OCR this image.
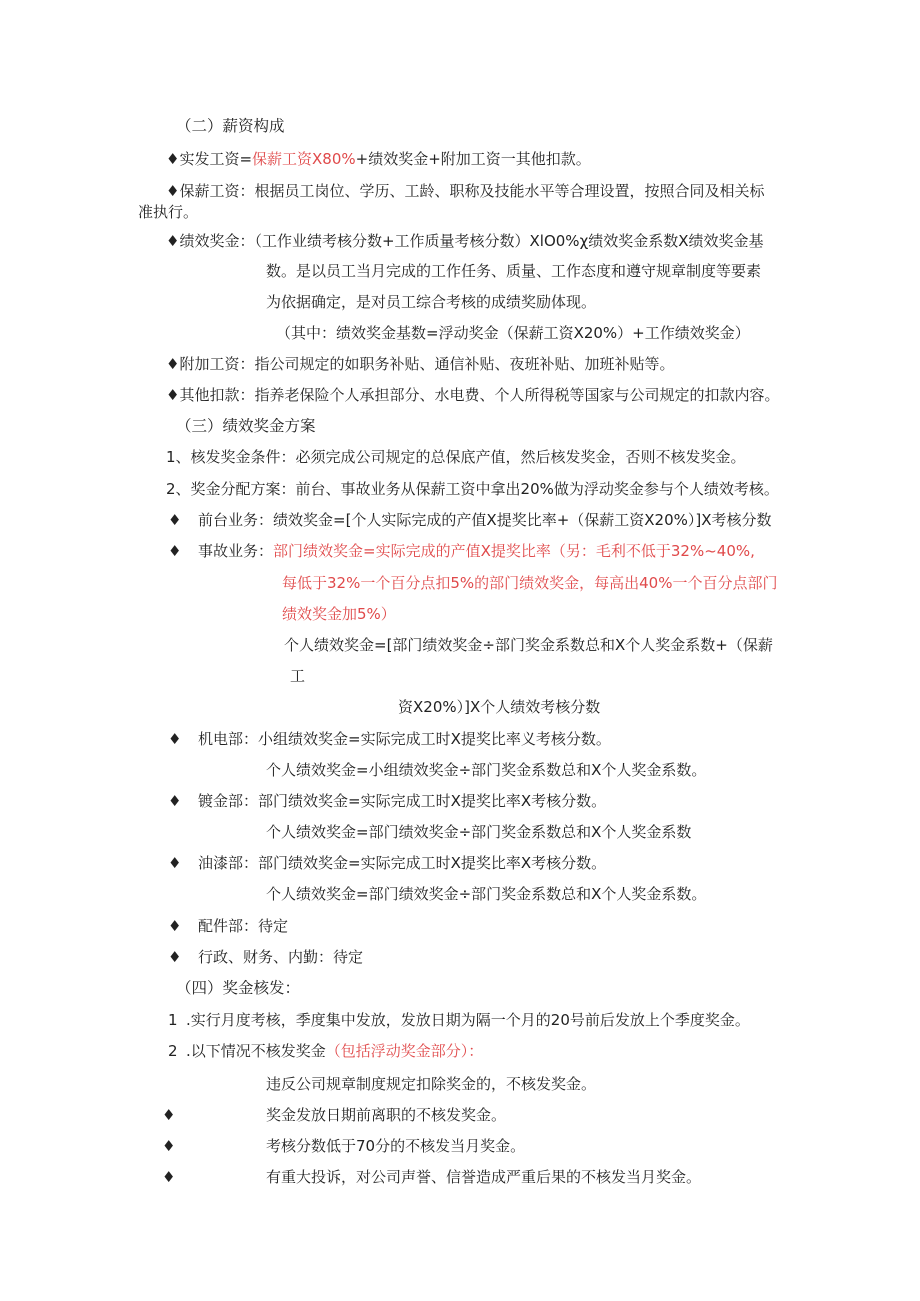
（二）薪资构成
♦实发工资=保薪工资X80%+绩效奖金+附加工资一其他扣款。
♦保薪工资：根据员工岗位、学历、工龄、职称及技能水平等合理设置，按照合同及相关标
准执行。
♦绩效奖金：（工作业绩考核分数+工作质量考核分数）XlO0%χ绩效奖金系数X绩效奖金基
数。是以员工当月完成的工作任务、质量、工作态度和遵守规章制度等要素
为依据确定，是对员工综合考核的成绩奖励体现。
（其中：绩效奖金基数=浮动奖金（保薪工资X20%）+工作绩效奖金）
♦附加工资：指公司规定的如职务补贴、通信补贴、夜班补贴、加班补贴等。
♦其他扣款：指养老保险个人承担部分、水电费、个人所得税等国家与公司规定的扣款内容。
（三）绩效奖金方案
1、核发奖金条件：必须完成公司规定的总保底产值，然后核发奖金，否则不核发奖金。
2、奖金分配方案：前台、事故业务从保薪工资中拿出20%做为浮动奖金参与个人绩效考核。
♦ 前台业务：绩效奖金=[个人实际完成的产值X提奖比率+（保薪工资X20%）]X考核分数
♦ 事故业务：部门绩效奖金=实际完成的产值X提奖比率（另：毛利不低于32%~40%,
每低于32%一个百分点扣5%的部门绩效奖金，每高出40%一个百分点部门
绩效奖金加5%）
个人绩效奖金=[部门绩效奖金÷部门奖金系数总和X个人奖金系数+（保薪
工
资X20%）]X个人绩效考核分数
♦ 机电部：小组绩效奖金=实际完成工时X提奖比率义考核分数。
个人绩效奖金=小组绩效奖金÷部门奖金系数总和X个人奖金系数。
♦ 镀金部：部门绩效奖金=实际完成工时X提奖比率X考核分数。
个人绩效奖金=部门绩效奖金÷部门奖金系数总和X个人奖金系数
♦ 油漆部：部门绩效奖金=实际完成工时X提奖比率X考核分数。
个人绩效奖金=部门绩效奖金÷部门奖金系数总和X个人奖金系数。
♦ 配件部：待定
♦ 行政、财务、内勤：待定
（四）奖金核发：
1 .实行月度考核，季度集中发放，发放日期为隔一个月的20号前后发放上个季度奖金。
2 .以下情况不核发奖金（包括浮动奖金部分）：
违反公司规章制度规定扣除奖金的，不核发奖金。
♦	奖金发放日期前离职的不核发奖金。
♦	考核分数低于70分的不核发当月奖金。
♦	有重大投诉，对公司声誉、信誉造成严重后果的不核发当月奖金。
